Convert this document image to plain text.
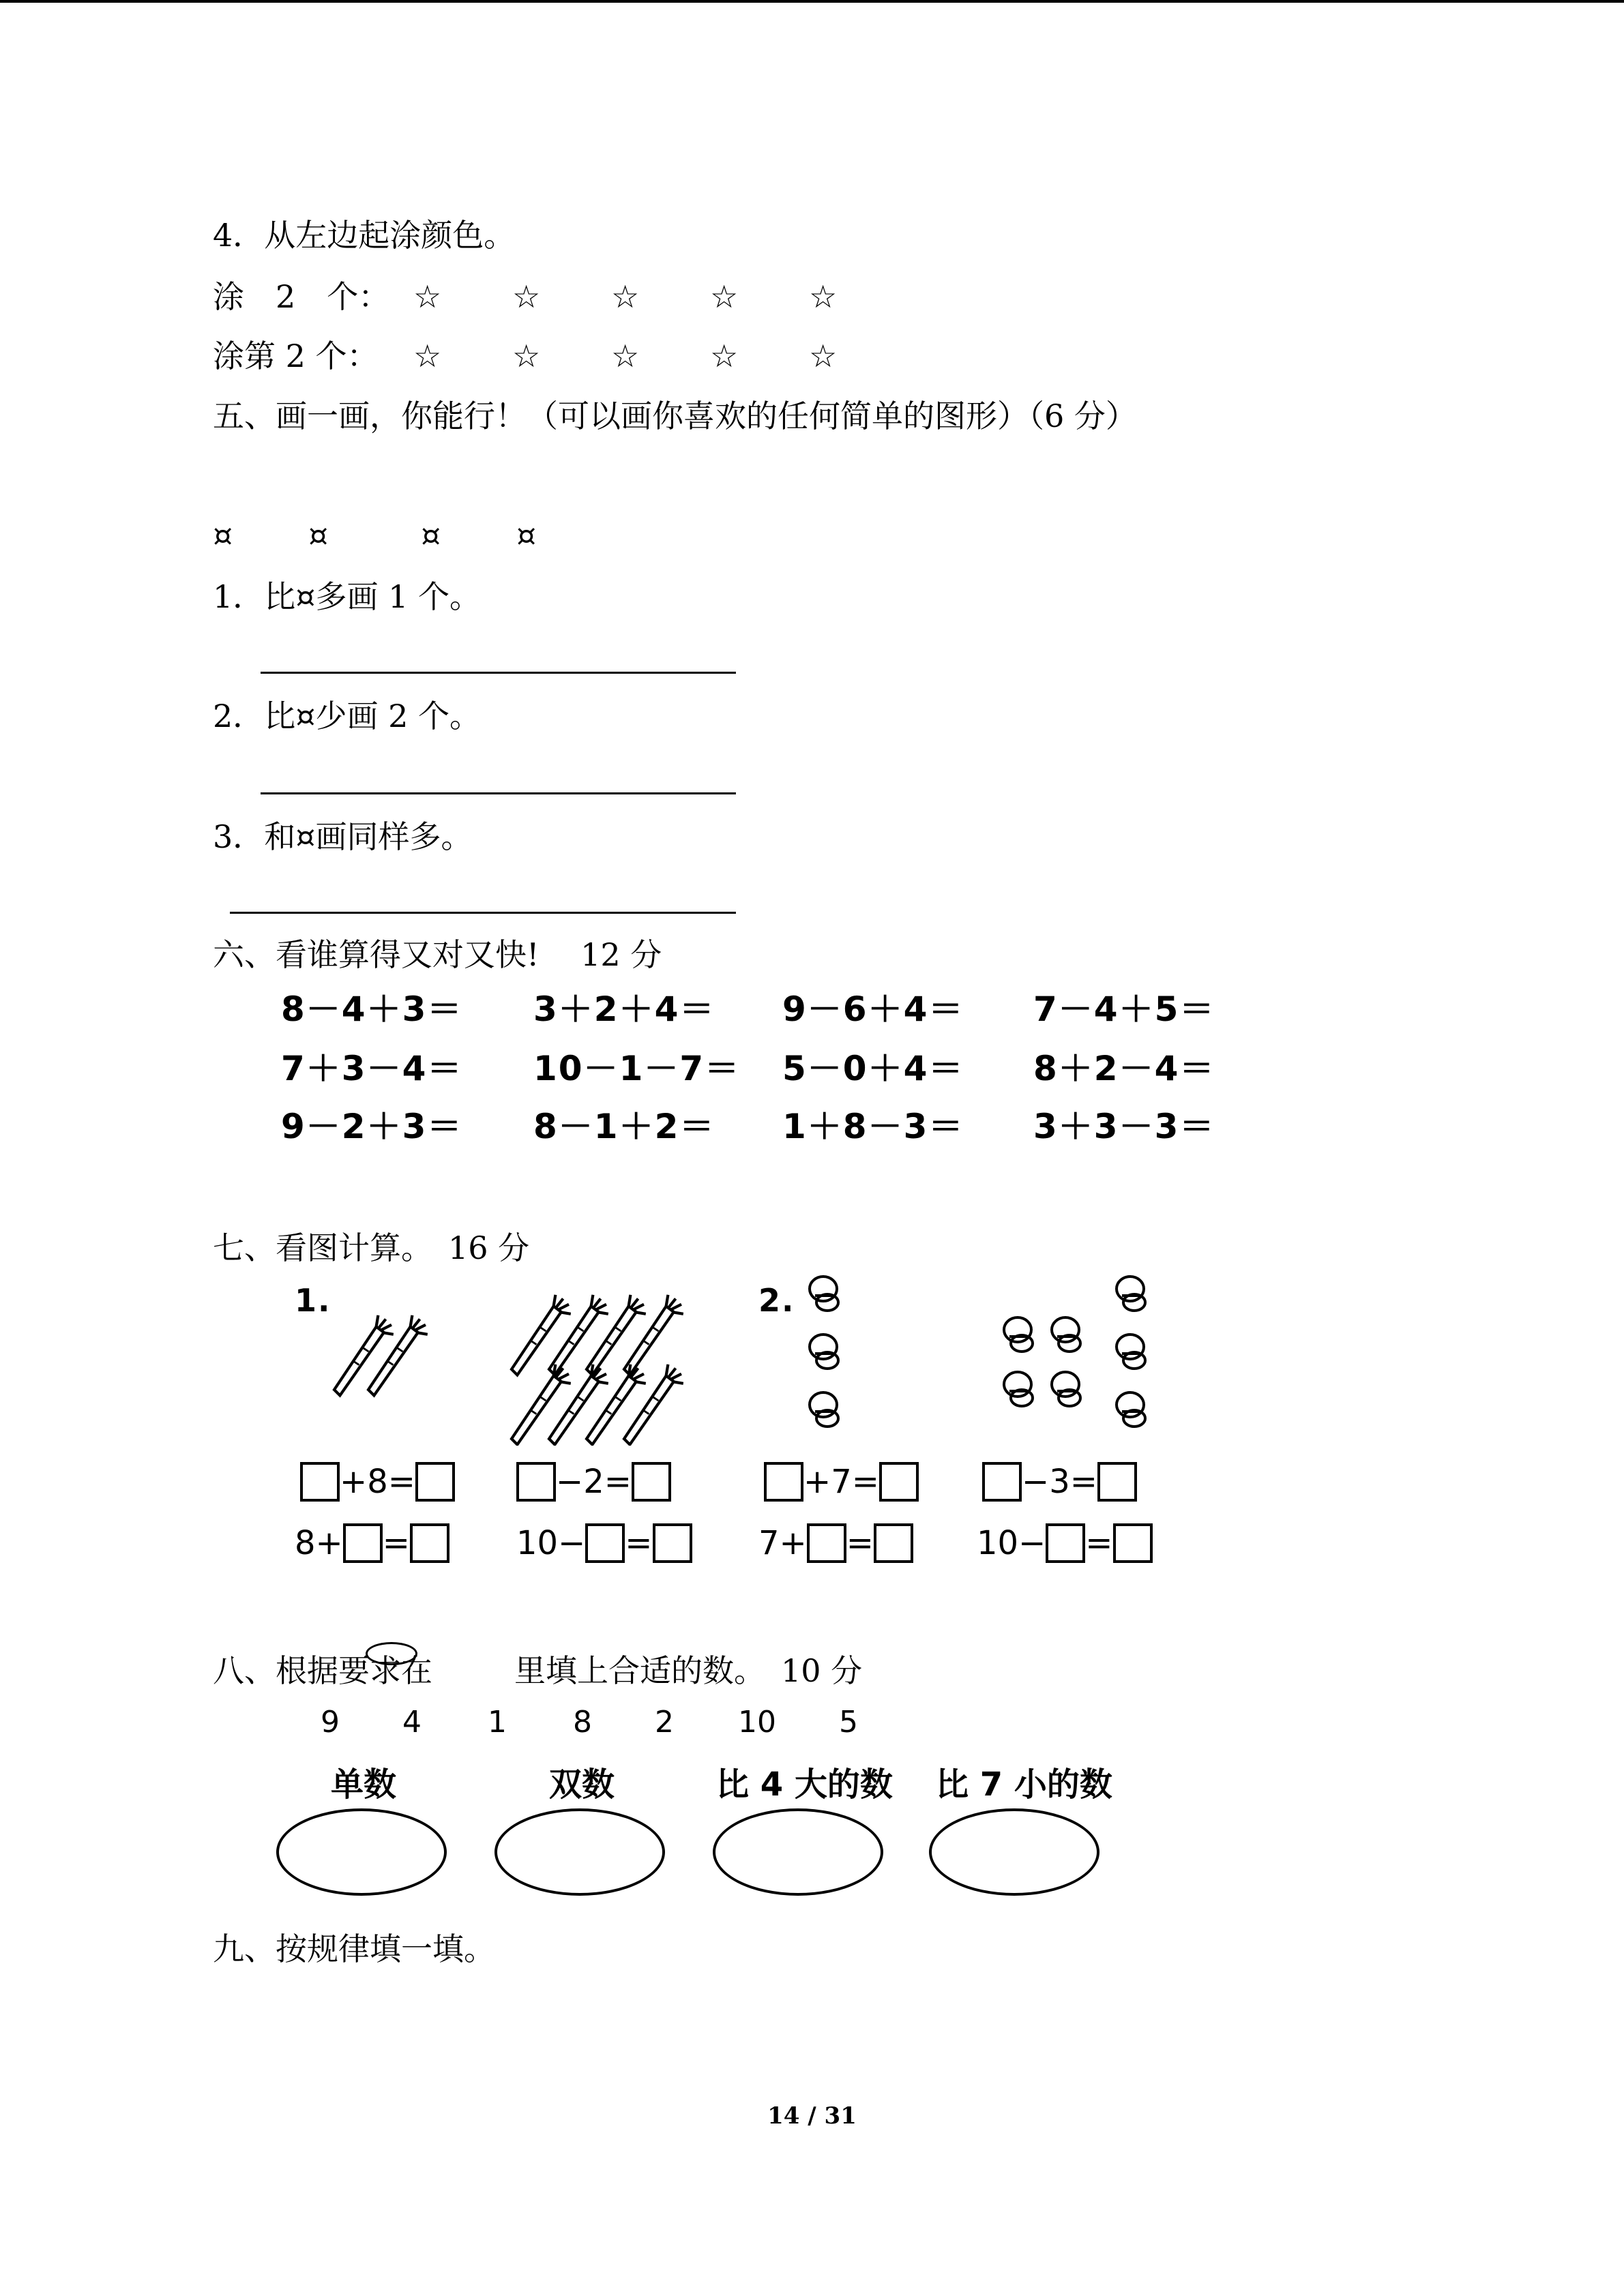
4．从左边起涂颜色。
涂　2　个： ☆ ☆ ☆ ☆ ☆
涂第 2 个： ☆ ☆ ☆ ☆ ☆
五、画一画，你能行！（可以画你喜欢的任何简单的图形）（6 分）
¤ ¤	¤ ¤
1．比¤多画 1 个。
2．比¤少画 2 个。
3．和¤画同样多。
六、看谁算得又对又快!　 12 分
8－4＋3＝ 3＋2＋4＝ 9－6＋4＝ 7－4＋5＝
7＋3－4＝ 10－1－7＝ 5－0＋4＝ 8＋2－4＝
9－2＋3＝ 8－1＋2＝ 1＋8－3＝ 3＋3－3＝
七、看图计算。　16 分
1.	2.
+8=	−2=	+7=	−3=
8+ =	10− =	7+ =	10− =
八、根据要求在	里填上合适的数。　10 分
9 4 1 8 2 10 5
单数	双数	比 4 大的数 比 7 小的数
九、按规律填一填。
14 / 31
